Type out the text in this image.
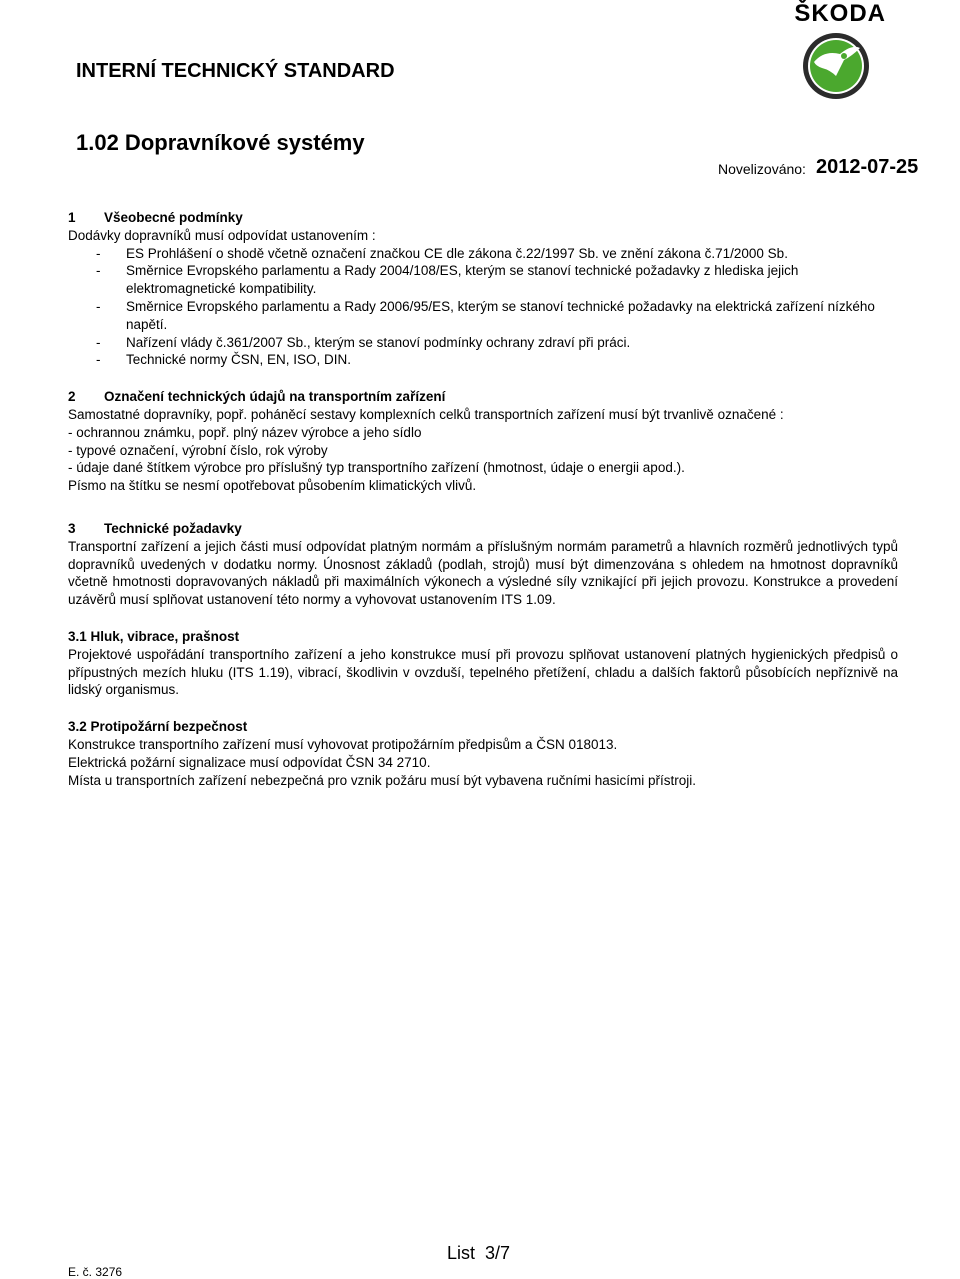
ŠKODA
INTERNÍ TECHNICKÝ STANDARD
1.02 Dopravníkové systémy
Novelizováno: 2012-07-25

1 Všeobecné podmínky

Dodávky dopravníků musí odpovídat ustanovením :

- ES Prohlášení o shodě včetně označení značkou CE dle zákona č.22/1997 Sb. ve znění zákona č.71/2000 Sb.
- Směrnice Evropského parlamentu a Rady 2004/108/ES, kterým se stanoví technické požadavky z hlediska jejich elektromagnetické kompatibility.
- Směrnice Evropského parlamentu a Rady 2006/95/ES, kterým se stanoví technické požadavky na elektrická zařízení nízkého napětí.
- Nařízení vlády č.361/2007 Sb., kterým se stanoví podmínky ochrany zdraví při práci.
- Technické normy ČSN, EN, ISO, DIN.

2 Označení technických údajů na transportním zařízení

Samostatné dopravníky, popř. poháněcí sestavy komplexních celků transportních zařízení musí být trvanlivě označené :

- ochrannou známku, popř. plný název výrobce a jeho sídlo

- typové označení, výrobní číslo, rok výroby

- údaje dané štítkem výrobce pro příslušný typ transportního zařízení (hmotnost, údaje o energii apod.).

Písmo na štítku se nesmí opotřebovat působením klimatických vlivů.

3 Technické požadavky

Transportní zařízení a jejich části musí odpovídat platným normám a příslušným normám parametrů a hlavních rozměrů jednotlivých typů dopravníků uvedených v dodatku normy. Únosnost základů (podlah, strojů) musí být dimenzována s ohledem na hmotnost dopravníků včetně hmotnosti dopravovaných nákladů při maximálních výkonech a výsledné síly vznikající při jejich provozu. Konstrukce a provedení uzávěrů musí splňovat ustanovení této normy a vyhovovat ustanovením ITS 1.09.

3.1 Hluk, vibrace, prašnost

Projektové uspořádání transportního zařízení a jeho konstrukce musí při provozu splňovat ustanovení platných hygienických předpisů o přípustných mezích hluku (ITS 1.19), vibrací, škodlivin v ovzduší, tepelného přetížení, chladu a dalších faktorů působících nepříznivě na lidský organismus.

3.2 Protipožární bezpečnost

Konstrukce transportního zařízení musí vyhovovat protipožárním předpisům a ČSN 018013.

Elektrická požární signalizace musí odpovídat ČSN 34 2710.

Místa u transportních zařízení nebezpečná pro vznik požáru musí být vybavena ručními hasicími přístroji.

List  3/7
E. č. 3276
